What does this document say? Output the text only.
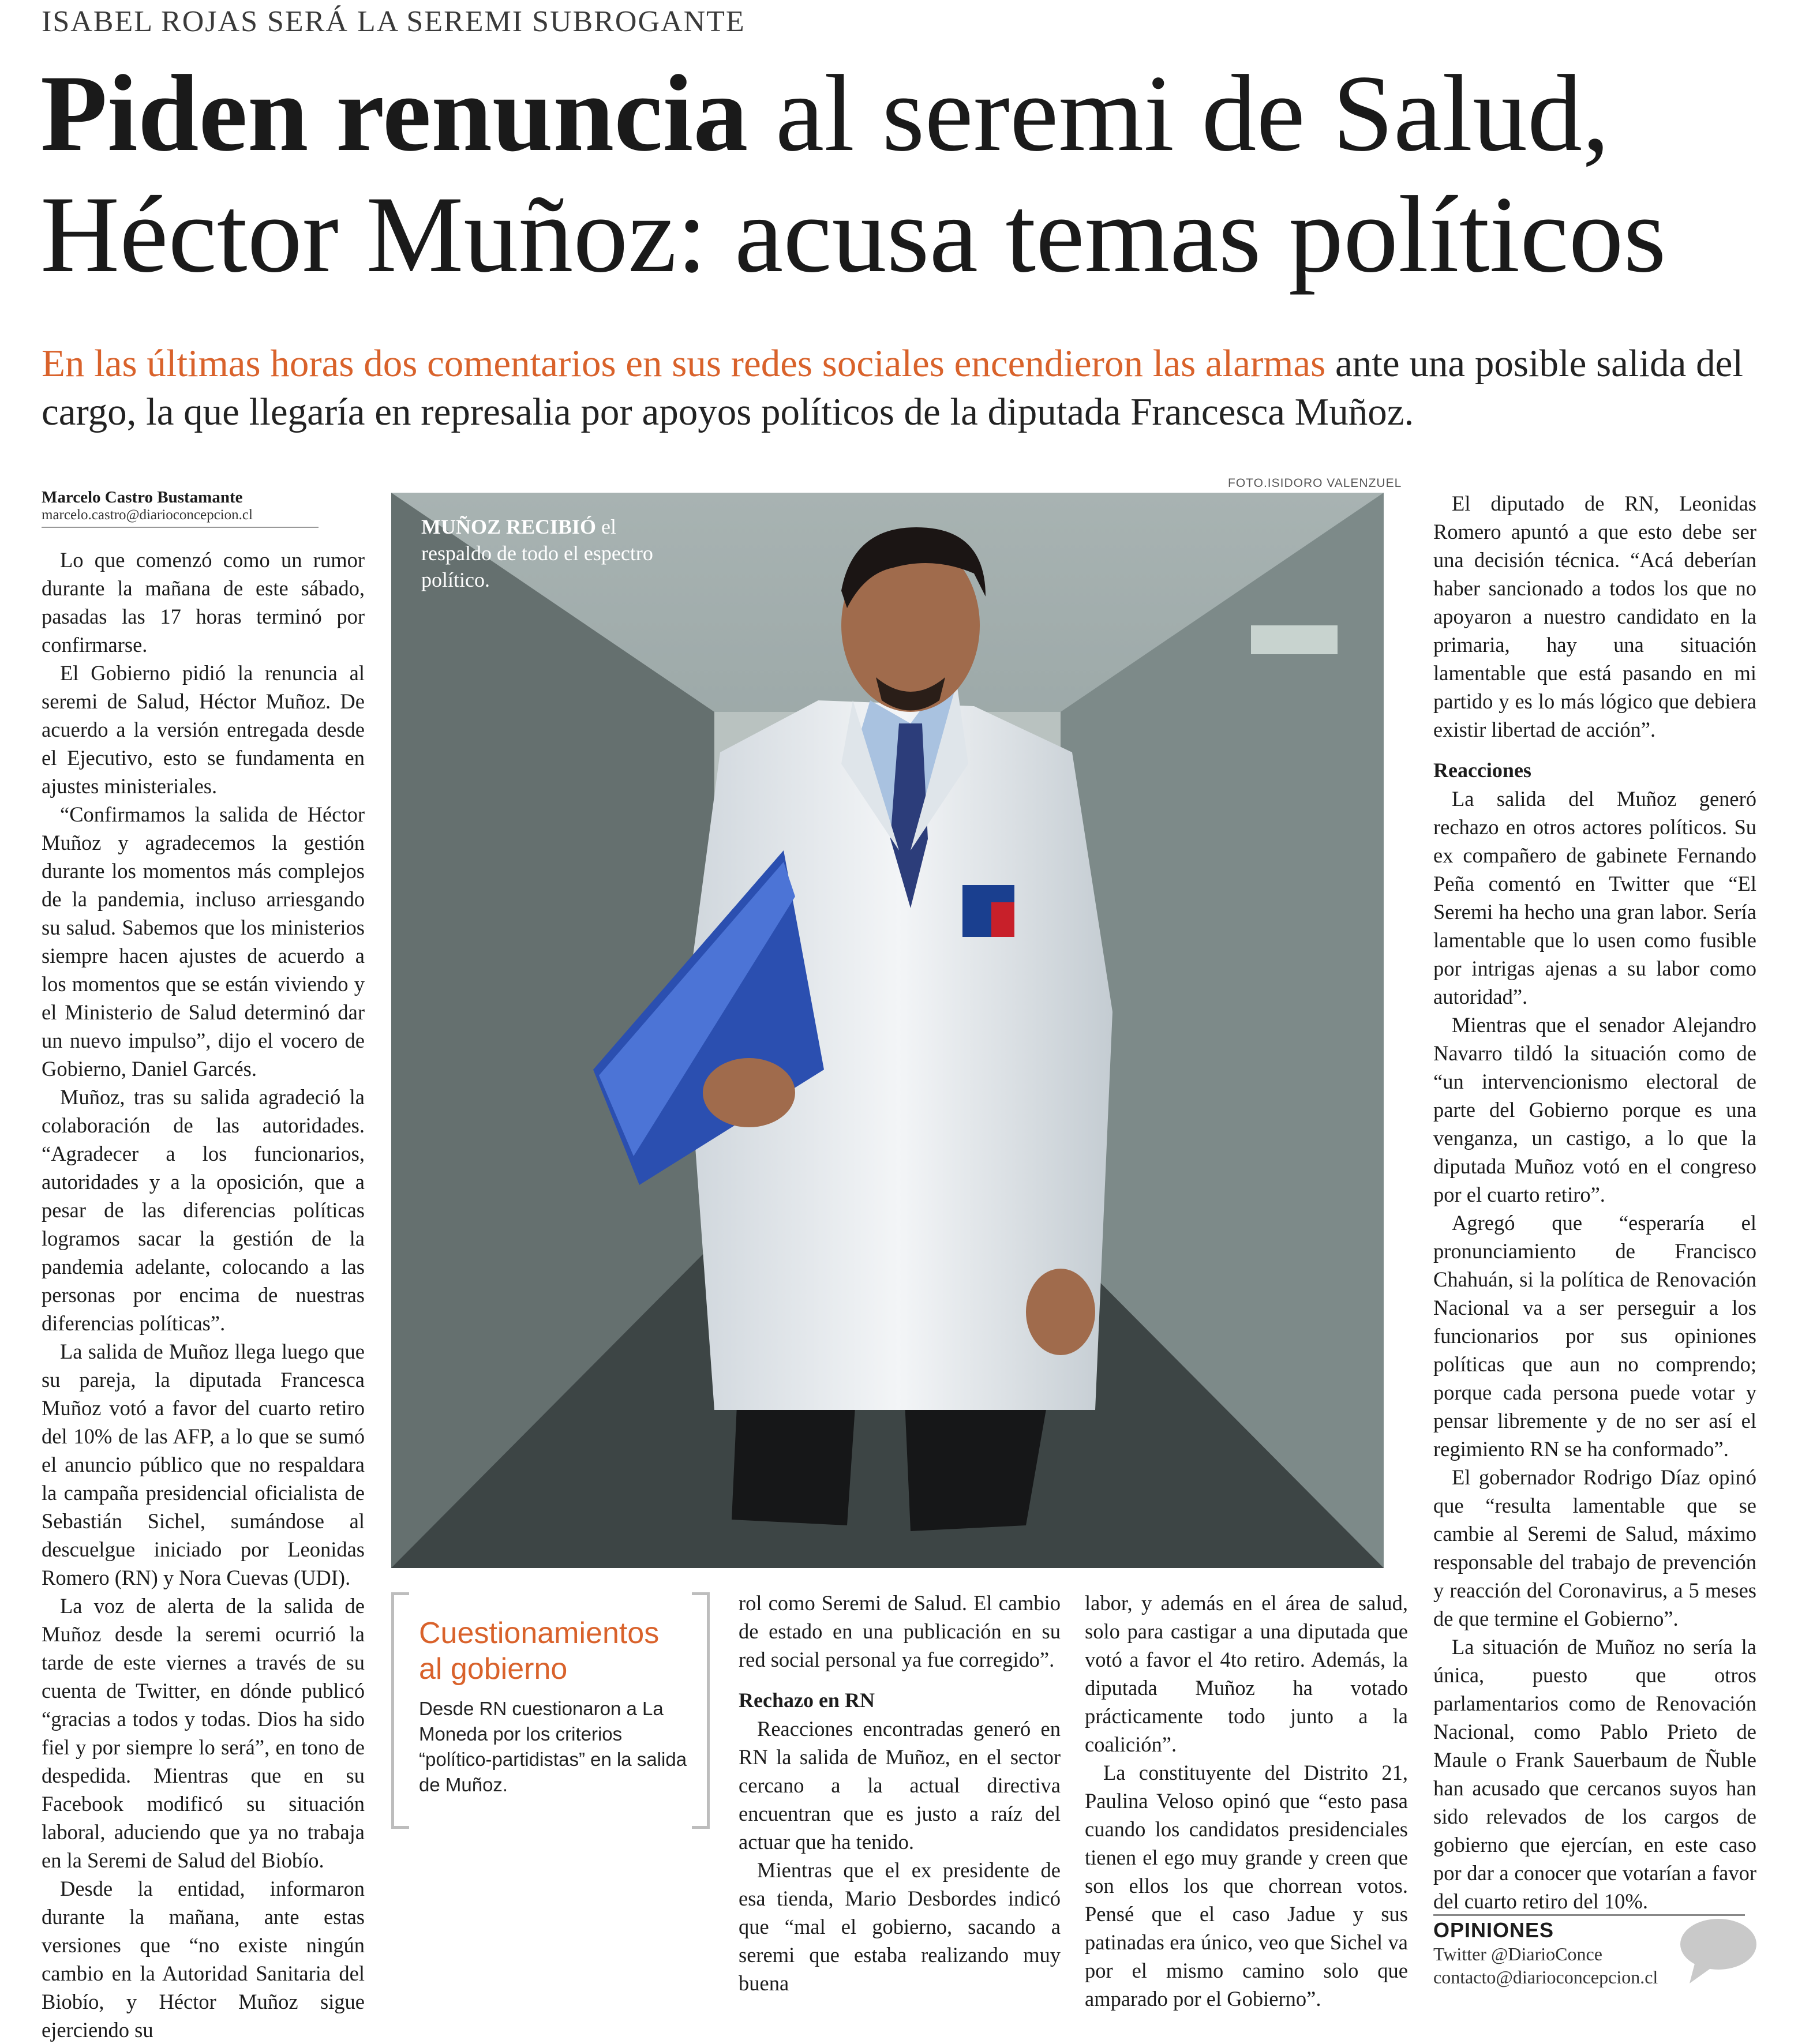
ISABEL ROJAS SERÁ LA SEREMI SUBROGANTE
Piden renuncia al seremi de Salud,
Héctor Muñoz: acusa temas políticos
En las últimas horas dos comentarios en sus redes sociales encendieron las alarmas ante una posible salida del cargo, la que llegaría en represalia por apoyos políticos de la diputada Francesca Muñoz.
Marcelo Castro Bustamante
marcelo.castro@diarioconcepcion.cl

Lo que comenzó como un rumor durante la mañana de este sábado, pasadas las 17 horas terminó por confirmarse.

El Gobierno pidió la renuncia al seremi de Salud, Héctor Muñoz. De acuerdo a la versión entregada desde el Ejecutivo, esto se fundamenta en ajustes ministeriales.

“Confirmamos la salida de Héctor Muñoz y agradecemos la gestión durante los momentos más complejos de la pandemia, incluso arriesgando su salud. Sabemos que los ministerios siempre hacen ajustes de acuerdo a los momentos que se están viviendo y el Ministerio de Salud determinó dar un nuevo impulso”, dijo el vocero de Gobierno, Daniel Garcés.

Muñoz, tras su salida agradeció la colaboración de las autoridades. “Agradecer a los funcionarios, autoridades y a la oposición, que a pesar de las diferencias políticas logramos sacar la gestión de la pandemia adelante, colocando a las personas por encima de nuestras diferencias políticas”.

La salida de Muñoz llega luego que su pareja, la diputada Francesca Muñoz votó a favor del cuarto retiro del 10% de las AFP, a lo que se sumó el anuncio público que no respaldara la campaña presidencial oficialista de Sebastián Sichel, sumándose al descuelgue iniciado por Leonidas Romero (RN) y Nora Cuevas (UDI).

La voz de alerta de la salida de Muñoz desde la seremi ocurrió la tarde de este viernes a través de su cuenta de Twitter, en dónde publicó “gracias a todos y todas. Dios ha sido fiel y por siempre lo será”, en tono de despedida. Mientras que en su Facebook modificó su situación laboral, aduciendo que ya no trabaja en la Seremi de Salud del Biobío.

Desde la entidad, informaron durante la mañana, ante estas versiones que “no existe ningún cambio en la Autoridad Sanitaria del Biobío, y Héctor Muñoz sigue ejerciendo su

FOTO.ISIDORO VALENZUEL
MUÑOZ RECIBIÓ el respaldo de todo el espectro político.
Cuestionamientos al gobierno
Desde RN cuestionaron a La Moneda por los criterios “político-partidistas” en la salida de Muñoz.

rol como Seremi de Salud. El cambio de estado en una publicación en su red social personal ya fue corregido”.

Rechazo en RN

Reacciones encontradas generó en RN la salida de Muñoz, en el sector cercano a la actual directiva encuentran que es justo a raíz del actuar que ha tenido.

Mientras que el ex presidente de esa tienda, Mario Desbordes indicó que “mal el gobierno, sacando a seremi que estaba realizando muy buena

labor, y además en el área de salud, solo para castigar a una diputada que votó a favor el 4to retiro. Además, la diputada Muñoz ha votado prácticamente todo junto a la coalición”.

La constituyente del Distrito 21, Paulina Veloso opinó que “esto pasa cuando los candidatos presidenciales tienen el ego muy grande y creen que son ellos los que chorrean votos. Pensé que el caso Jadue y sus patinadas era único, veo que Sichel va por el mismo camino solo que amparado por el Gobierno”.

El diputado de RN, Leonidas Romero apuntó a que esto debe ser una decisión técnica. “Acá deberían haber sancionado a todos los que no apoyaron a nuestro candidato en la primaria, hay una situación lamentable que está pasando en mi partido y es lo más lógico que debiera existir libertad de acción”.

Reacciones

La salida del Muñoz generó rechazo en otros actores políticos. Su ex compañero de gabinete Fernando Peña comentó en Twitter que “El Seremi ha hecho una gran labor. Sería lamentable que lo usen como fusible por intrigas ajenas a su labor como autoridad”.

Mientras que el senador Alejandro Navarro tildó la situación como de “un intervencionismo electoral de parte del Gobierno porque es una venganza, un castigo, a lo que la diputada Muñoz votó en el congreso por el cuarto retiro”.

Agregó que “esperaría el pronunciamiento de Francisco Chahuán, si la política de Renovación Nacional va a ser perseguir a los funcionarios por sus opiniones políticas que aun no comprendo; porque cada persona puede votar y pensar libremente y de no ser así el regimiento RN se ha conformado”.

El gobernador Rodrigo Díaz opinó que “resulta lamentable que se cambie al Seremi de Salud, máximo responsable del trabajo de prevención y reacción del Coronavirus, a 5 meses de que termine el Gobierno”.

La situación de Muñoz no sería la única, puesto que otros parlamentarios como de Renovación Nacional, como Pablo Prieto de Maule o Frank Sauerbaum de Ñuble han acusado que cercanos suyos han sido relevados de los cargos de gobierno que ejercían, en este caso por dar a conocer que votarían a favor del cuarto retiro del 10%.

OPINIONES
Twitter @DiarioConce
contacto@diarioconcepcion.cl
